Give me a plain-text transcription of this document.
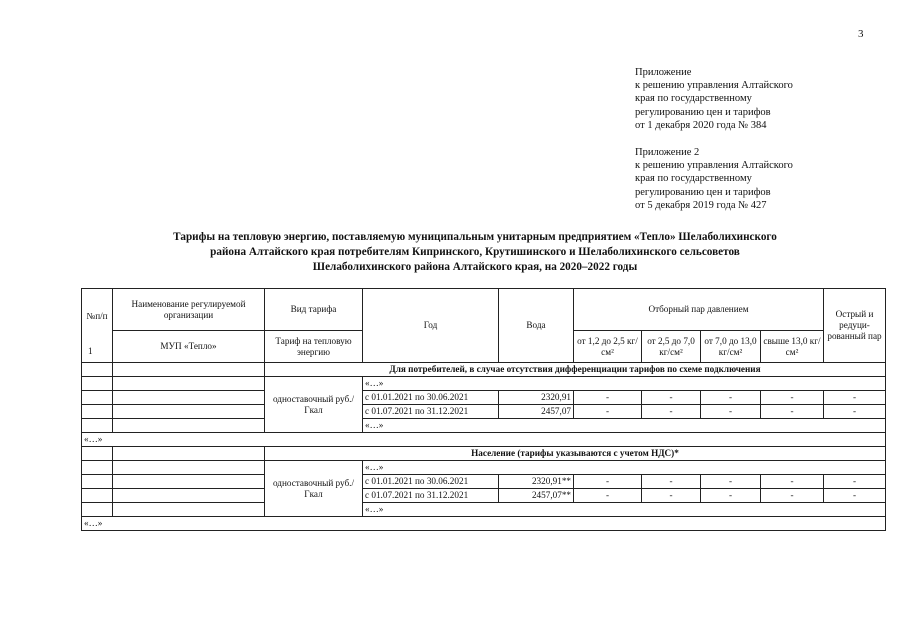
3
Приложение
к решению управления Алтайского
края по государственному
регулированию цен и тарифов
от 1 декабря 2020 года № 384
Приложение 2
к решению управления Алтайского
края по государственному
регулированию цен и тарифов
от 5 декабря 2019 года № 427
Тарифы на тепловую энергию, поставляемую муниципальным унитарным предприятием «Тепло» Шелаболихинского
района Алтайского края потребителям Кипринского, Крутишинского и Шелаболихинского сельсоветов
Шелаболихинского района Алтайского края, на 2020–2022 годы
№п/п	Наименование регулируемой организации	Вид тарифа	Год	Вода	Отборный пар давлением				Острый и редуци-рованный пар
	МУП «Тепло»	Тариф на тепловую энергию			от 1,2 до 2,5 кг/см²	от 2,5 до 7,0 кг/см²	от 7,0 до 13,0 кг/см²	свыше 13,0 кг/см²	
		Для потребителей, в случае отсутствия дифференциации тарифов по схеме подключения							
		одноставочный руб./Гкал	«…»						
			с 01.01.2021 по 30.06.2021	2320,91	-	-	-	-	-
			с 01.07.2021 по 31.12.2021	2457,07	-	-	-	-	-
			«…»						
«…»									
		Население (тарифы указываются с учетом НДС)*							
		одноставочный руб./Гкал	«…»						
			с 01.01.2021 по 30.06.2021	2320,91**	-	-	-	-	-
			с 01.07.2021 по 31.12.2021	2457,07**	-	-	-	-	-
			«…»						
«…»									
1
